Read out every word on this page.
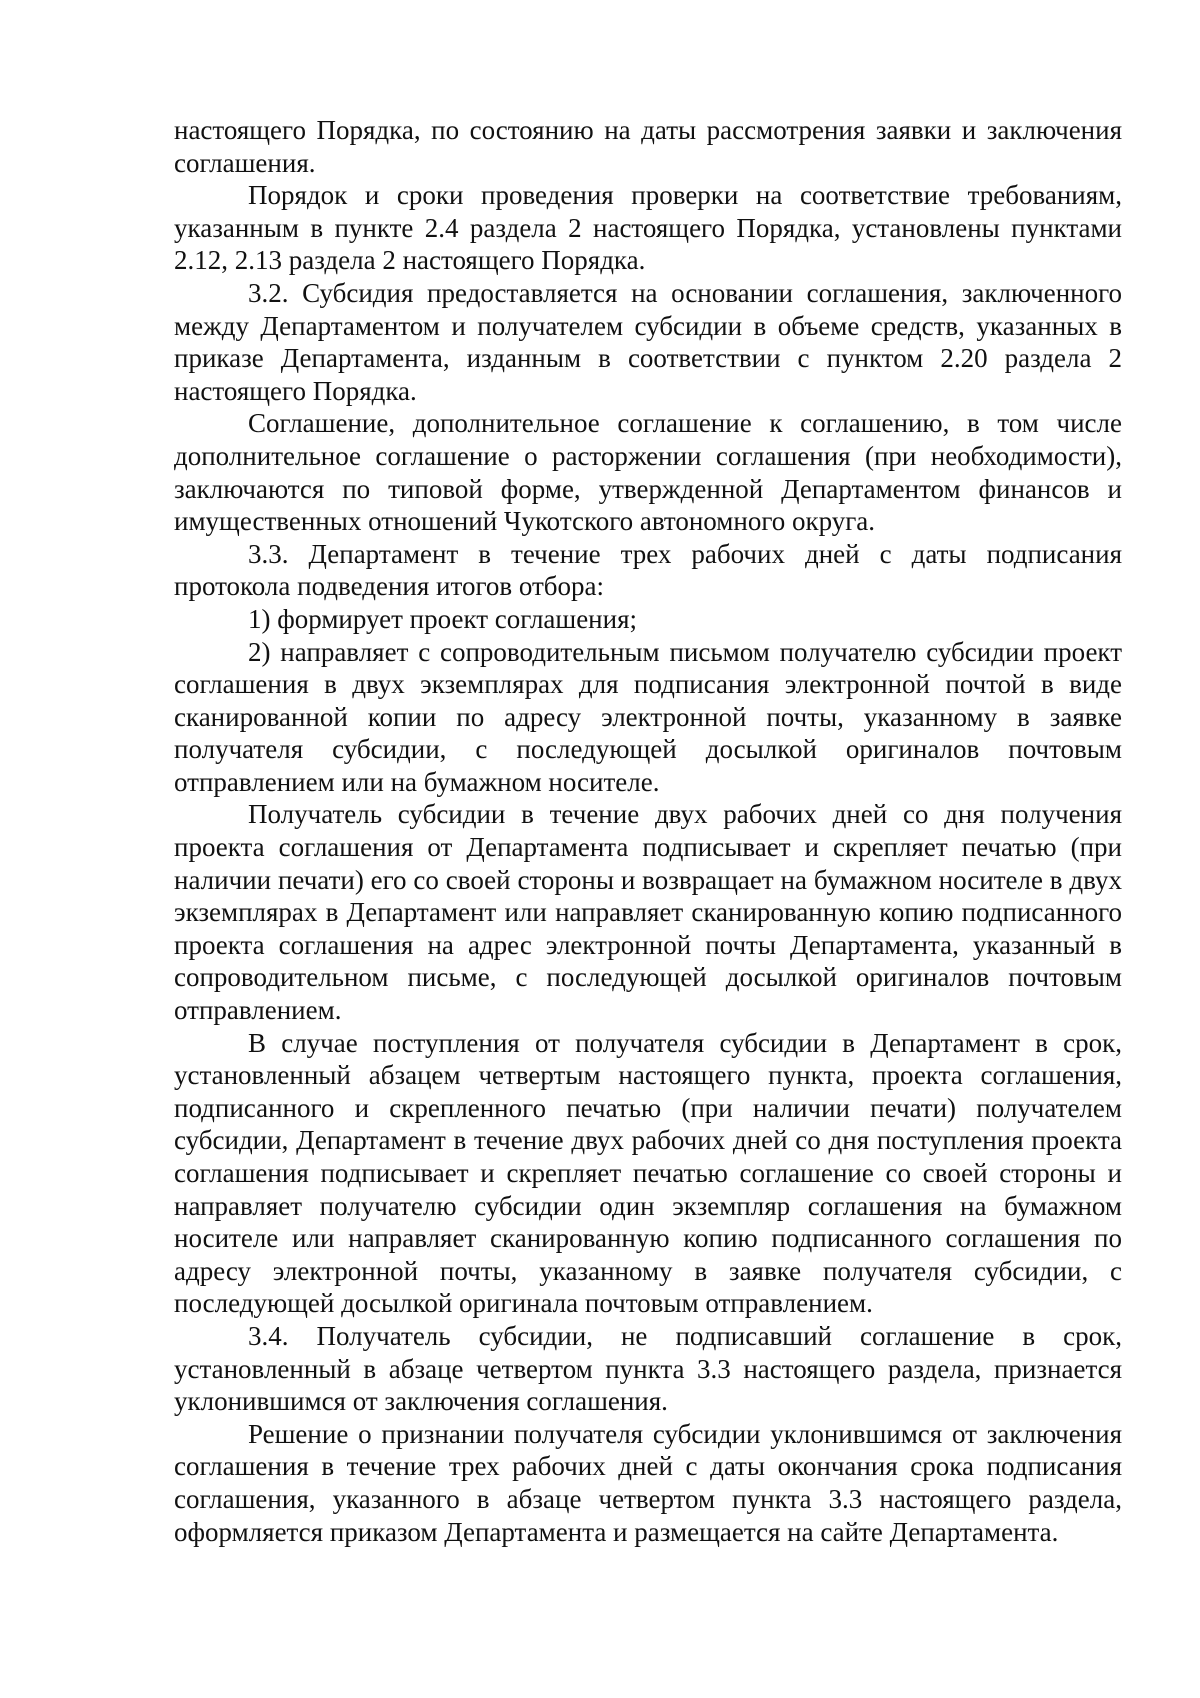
настоящего Порядка, по состоянию на даты рассмотрения заявки и заключения соглашения.

Порядок и сроки проведения проверки на соответствие требованиям, указанным в пункте 2.4 раздела 2 настоящего Порядка, установлены пунктами 2.12, 2.13 раздела 2 настоящего Порядка.

3.2. Субсидия предоставляется на основании соглашения, заключенного между Департаментом и получателем субсидии в объеме средств, указанных в приказе Департамента, изданным в соответствии с пунктом 2.20 раздела 2 настоящего Порядка.

Соглашение, дополнительное соглашение к соглашению, в том числе дополнительное соглашение о расторжении соглашения (при необходимости), заключаются по типовой форме, утвержденной Департаментом финансов и имущественных отношений Чукотского автономного округа.

3.3. Департамент в течение трех рабочих дней с даты подписания протокола подведения итогов отбора:

1) формирует проект соглашения;

2) направляет с сопроводительным письмом получателю субсидии проект соглашения в двух экземплярах для подписания электронной почтой в виде сканированной копии по адресу электронной почты, указанному в заявке получателя субсидии, с последующей досылкой оригиналов почтовым отправлением или на бумажном носителе.

Получатель субсидии в течение двух рабочих дней со дня получения проекта соглашения от Департамента подписывает и скрепляет печатью (при наличии печати) его со своей стороны и возвращает на бумажном носителе в двух экземплярах в Департамент или направляет сканированную копию подписанного проекта соглашения на адрес электронной почты Департамента, указанный в сопроводительном письме, с последующей досылкой оригиналов почтовым отправлением.

В случае поступления от получателя субсидии в Департамент в срок, установленный абзацем четвертым настоящего пункта, проекта соглашения, подписанного и скрепленного печатью (при наличии печати) получателем субсидии, Департамент в течение двух рабочих дней со дня поступления проекта соглашения подписывает и скрепляет печатью соглашение со своей стороны и направляет получателю субсидии один экземпляр соглашения на бумажном носителе или направляет сканированную копию подписанного соглашения по адресу электронной почты, указанному в заявке получателя субсидии, с последующей досылкой оригинала почтовым отправлением.

3.4. Получатель субсидии, не подписавший соглашение в срок, установленный в абзаце четвертом пункта 3.3 настоящего раздела, признается уклонившимся от заключения соглашения.

Решение о признании получателя субсидии уклонившимся от заключения соглашения в течение трех рабочих дней с даты окончания срока подписания соглашения, указанного в абзаце четвертом пункта 3.3 настоящего раздела, оформляется приказом Департамента и размещается на сайте Департамента.
